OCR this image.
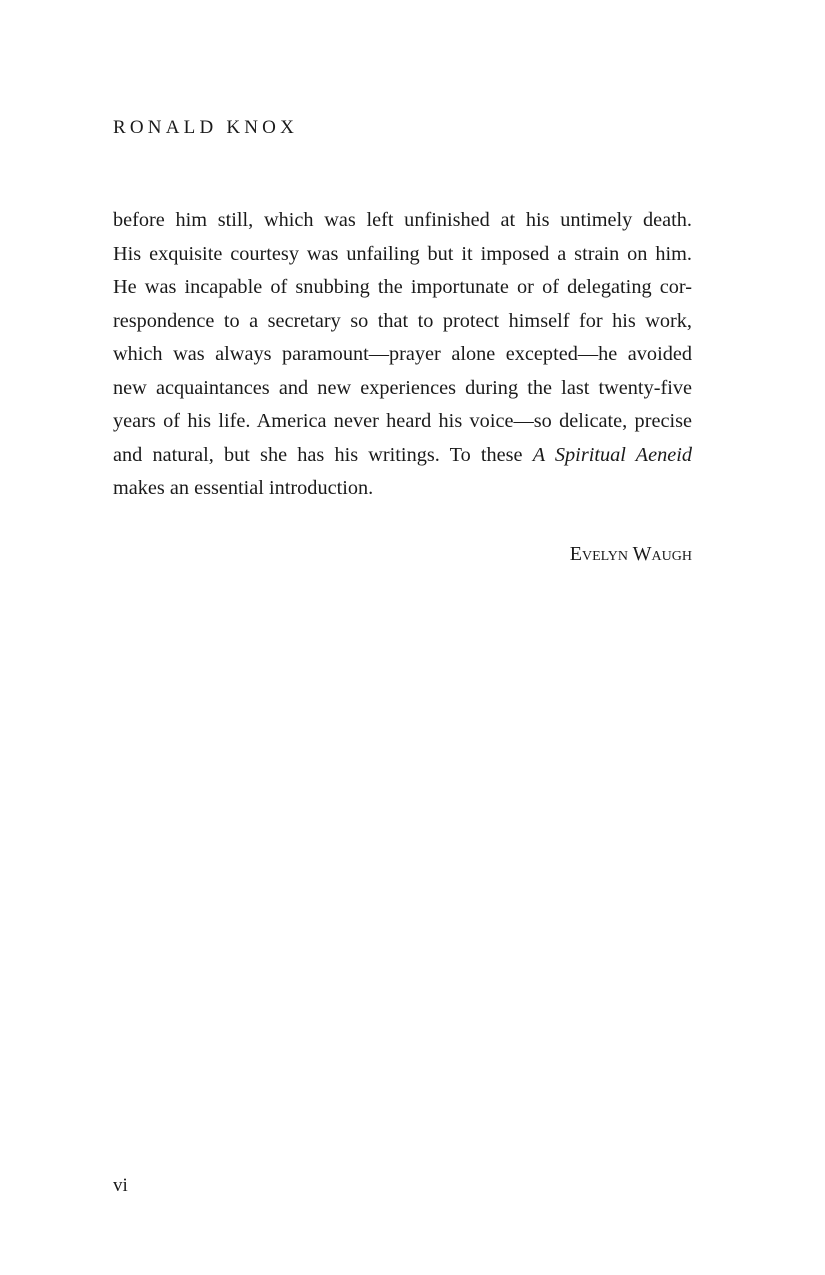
RONALD KNOX
before him still, which was left unfinished at his untimely death.
His exquisite courtesy was unfailing but it imposed a strain on him.
He was incapable of snubbing the importunate or of delegating cor-
respondence to a secretary so that to protect himself for his work,
which was always paramount—prayer alone excepted—he avoided
new acquaintances and new experiences during the last twenty-five
years of his life. America never heard his voice—so delicate, precise
and natural, but she has his writings. To these A Spiritual Aeneid
makes an essential introduction.
Evelyn Waugh
vi
